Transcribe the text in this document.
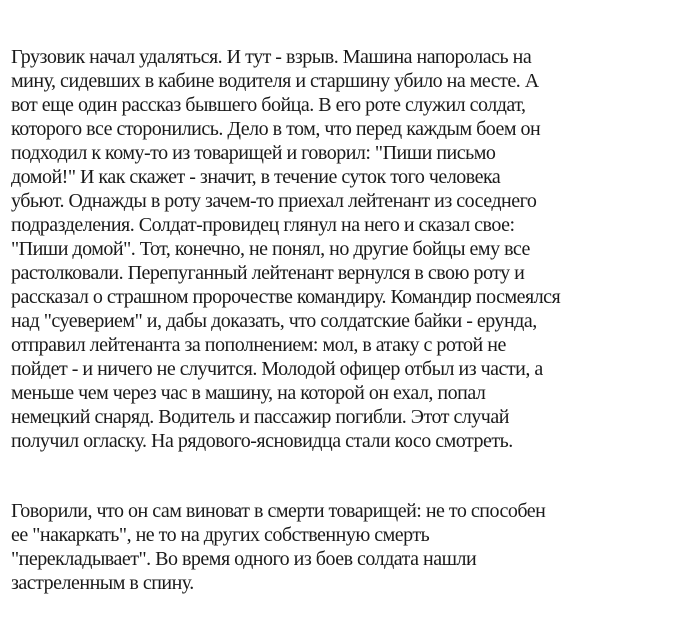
Грузовик начал удаляться. И тут - взрыв. Машина напоролась на
мину, сидевших в кабине водителя и старшину убило на месте. А
вот еще один рассказ бывшего бойца. В его роте служил солдат,
которого все сторонились. Дело в том, что перед каждым боем он
подходил к кому-то из товарищей и говорил: "Пиши письмо
домой!" И как скажет - значит, в течение суток того человека
убьют. Однажды в роту зачем-то приехал лейтенант из соседнего
подразделения. Солдат-провидец глянул на него и сказал свое:
"Пиши домой". Тот, конечно, не понял, но другие бойцы ему все
растолковали. Перепуганный лейтенант вернулся в свою роту и
рассказал о страшном пророчестве командиру. Командир посмеялся
над "суеверием" и, дабы доказать, что солдатские байки - ерунда,
отправил лейтенанта за пополнением: мол, в атаку с ротой не
пойдет - и ничего не случится. Молодой офицер отбыл из части, а
меньше чем через час в машину, на которой он ехал, попал
немецкий снаряд. Водитель и пассажир погибли. Этот случай
получил огласку. На рядового-ясновидца стали косо смотреть.
Говорили, что он сам виноват в смерти товарищей: не то способен
ее "накаркать", не то на других собственную смерть
"перекладывает". Во время одного из боев солдата нашли
застреленным в спину.
